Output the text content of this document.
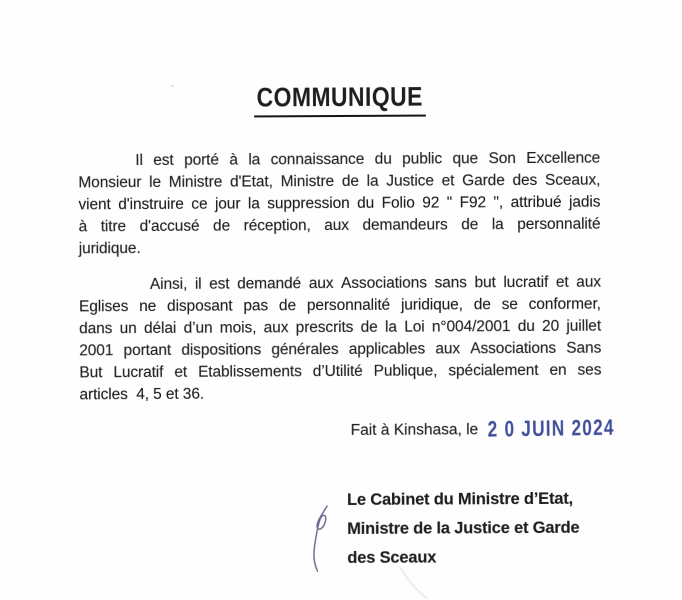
COMMUNIQUE
Il est porté à la connaissance du public que Son Excellence
Monsieur le Ministre d'Etat, Ministre de la Justice et Garde des Sceaux,
vient d'instruire ce jour la suppression du Folio 92 " F92 ", attribué jadis
à titre d'accusé de réception, aux demandeurs de la personnalité
juridique.
Ainsi, il est demandé aux Associations sans but lucratif et aux
Eglises ne disposant pas de personnalité juridique, de se conformer,
dans un délai d’un mois, aux prescrits de la Loi n°004/2001 du 20 juillet
2001 portant dispositions générales applicables aux Associations Sans
But Lucratif et Etablissements d’Utilité Publique, spécialement en ses
articles  4, 5 et 36.
Fait à Kinshasa, le 2 0 JUIN 2024
Le Cabinet du Ministre d’Etat,
Ministre de la Justice et Garde
des Sceaux
